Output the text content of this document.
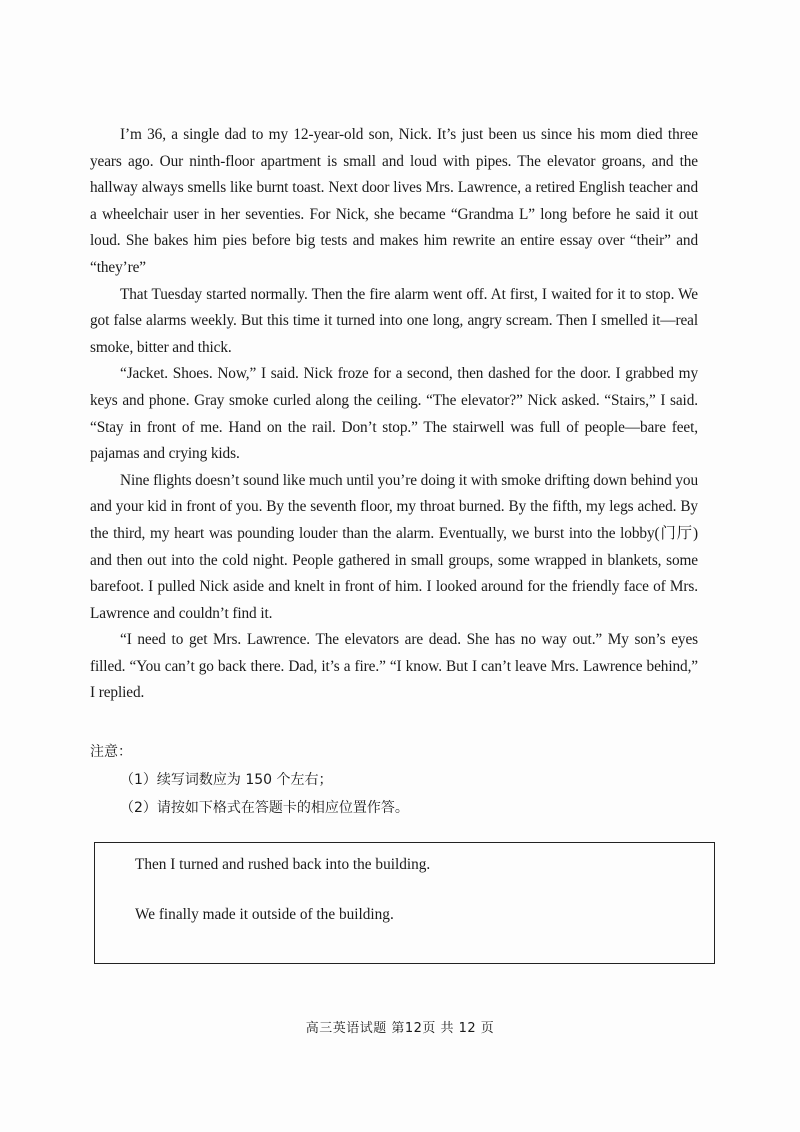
I’m 36, a single dad to my 12-year-old son, Nick. It’s just been us since his mom died three years ago. Our ninth-floor apartment is small and loud with pipes. The elevator groans, and the hallway always smells like burnt toast. Next door lives Mrs. Lawrence, a retired English teacher and a wheelchair user in her seventies. For Nick, she became “Grandma L” long before he said it out loud. She bakes him pies before big tests and makes him rewrite an entire essay over “their” and “they’re”

That Tuesday started normally. Then the fire alarm went off. At first, I waited for it to stop. We got false alarms weekly. But this time it turned into one long, angry scream. Then I smelled it—real smoke, bitter and thick.

“Jacket. Shoes. Now,” I said. Nick froze for a second, then dashed for the door. I grabbed my keys and phone. Gray smoke curled along the ceiling. “The elevator?” Nick asked. “Stairs,” I said. “Stay in front of me. Hand on the rail. Don’t stop.” The stairwell was full of people—bare feet, pajamas and crying kids.

Nine flights doesn’t sound like much until you’re doing it with smoke drifting down behind you and your kid in front of you. By the seventh floor, my throat burned. By the fifth, my legs ached. By the third, my heart was pounding louder than the alarm. Eventually, we burst into the lobby(门厅) and then out into the cold night. People gathered in small groups, some wrapped in blankets, some barefoot. I pulled Nick aside and knelt in front of him. I looked around for the friendly face of Mrs. Lawrence and couldn’t find it.

“I need to get Mrs. Lawrence. The elevators are dead. She has no way out.” My son’s eyes filled. “You can’t go back there. Dad, it’s a fire.” “I know. But I can’t leave Mrs. Lawrence behind,” I replied.

注意：

（1）续写词数应为 150 个左右；

（2）请按如下格式在答题卡的相应位置作答。

Then I turned and rushed back into the building.
We finally made it outside of the building.
高三英语试题 第12页 共 12 页
